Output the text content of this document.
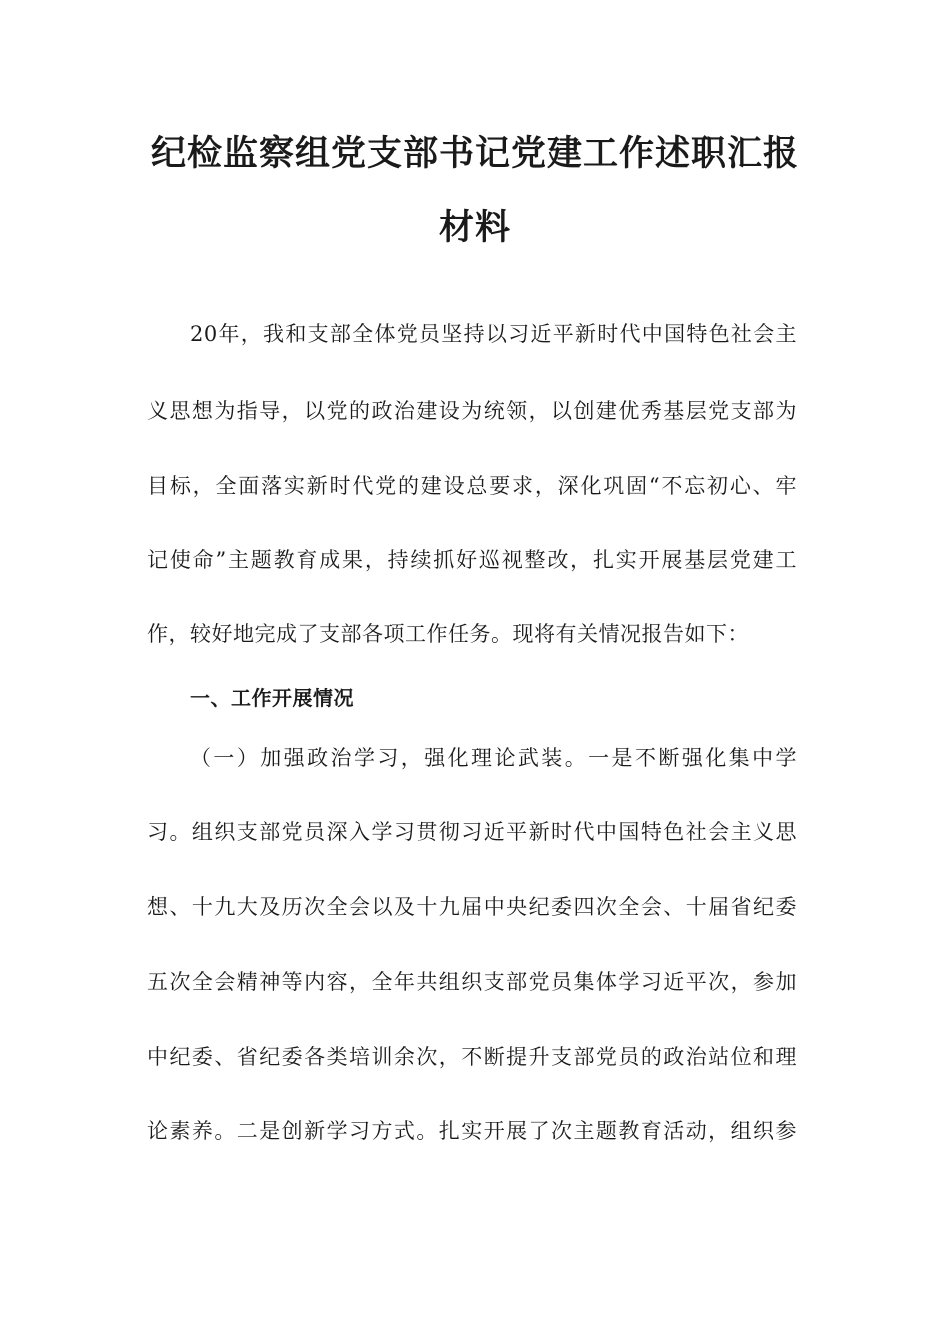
纪检监察组党支部书记党建工作述职汇报
材料
20年，我和支部全体党员坚持以习近平新时代中国特色社会主
义思想为指导，以党的政治建设为统领，以创建优秀基层党支部为
目标，全面落实新时代党的建设总要求，深化巩固“不忘初心、牢
记使命”主题教育成果，持续抓好巡视整改，扎实开展基层党建工
作，较好地完成了支部各项工作任务。现将有关情况报告如下：
一、工作开展情况
（一）加强政治学习，强化理论武装。一是不断强化集中学
习。组织支部党员深入学习贯彻习近平新时代中国特色社会主义思
想、十九大及历次全会以及十九届中央纪委四次全会、十届省纪委
五次全会精神等内容，全年共组织支部党员集体学习近平次，参加
中纪委、省纪委各类培训余次，不断提升支部党员的政治站位和理
论素养。二是创新学习方式。扎实开展了次主题教育活动，组织参
